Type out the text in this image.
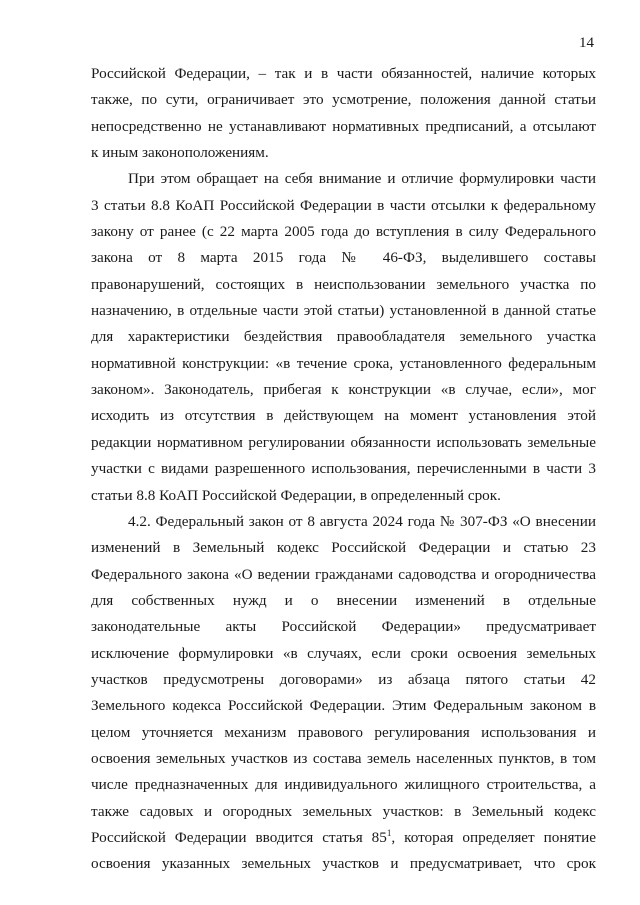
14
Российской Федерации, – так и в части обязанностей, наличие которых
также, по сути, ограничивает это усмотрение, положения данной статьи
непосредственно не устанавливают нормативных предписаний, а отсылают
к иным законоположениям.
При этом обращает на себя внимание и отличие формулировки части
3 статьи 8.8 КоАП Российской Федерации в части отсылки к федеральному
закону от ранее (с 22 марта 2005 года до вступления в силу Федерального
закона от 8 марта 2015 года № 46-ФЗ, выделившего составы
правонарушений, состоящих в неиспользовании земельного участка по
назначению, в отдельные части этой статьи) установленной в данной статье
для характеристики бездействия правообладателя земельного участка
нормативной конструкции: «в течение срока, установленного федеральным
законом». Законодатель, прибегая к конструкции «в случае, если», мог
исходить из отсутствия в действующем на момент установления этой
редакции нормативном регулировании обязанности использовать земельные
участки с видами разрешенного использования, перечисленными в части 3
статьи 8.8 КоАП Российской Федерации, в определенный срок.
4.2. Федеральный закон от 8 августа 2024 года № 307-ФЗ «О внесении
изменений в Земельный кодекс Российской Федерации и статью 23
Федерального закона «О ведении гражданами садоводства и огородничества
для собственных нужд и о внесении изменений в отдельные
законодательные акты Российской Федерации» предусматривает
исключение формулировки «в случаях, если сроки освоения земельных
участков предусмотрены договорами» из абзаца пятого статьи 42
Земельного кодекса Российской Федерации. Этим Федеральным законом в
целом уточняется механизм правового регулирования использования и
освоения земельных участков из состава земель населенных пунктов, в том
числе предназначенных для индивидуального жилищного строительства, а
также садовых и огородных земельных участков: в Земельный кодекс
Российской Федерации вводится статья $85^1$, которая определяет понятие
освоения указанных земельных участков и предусматривает, что срок
